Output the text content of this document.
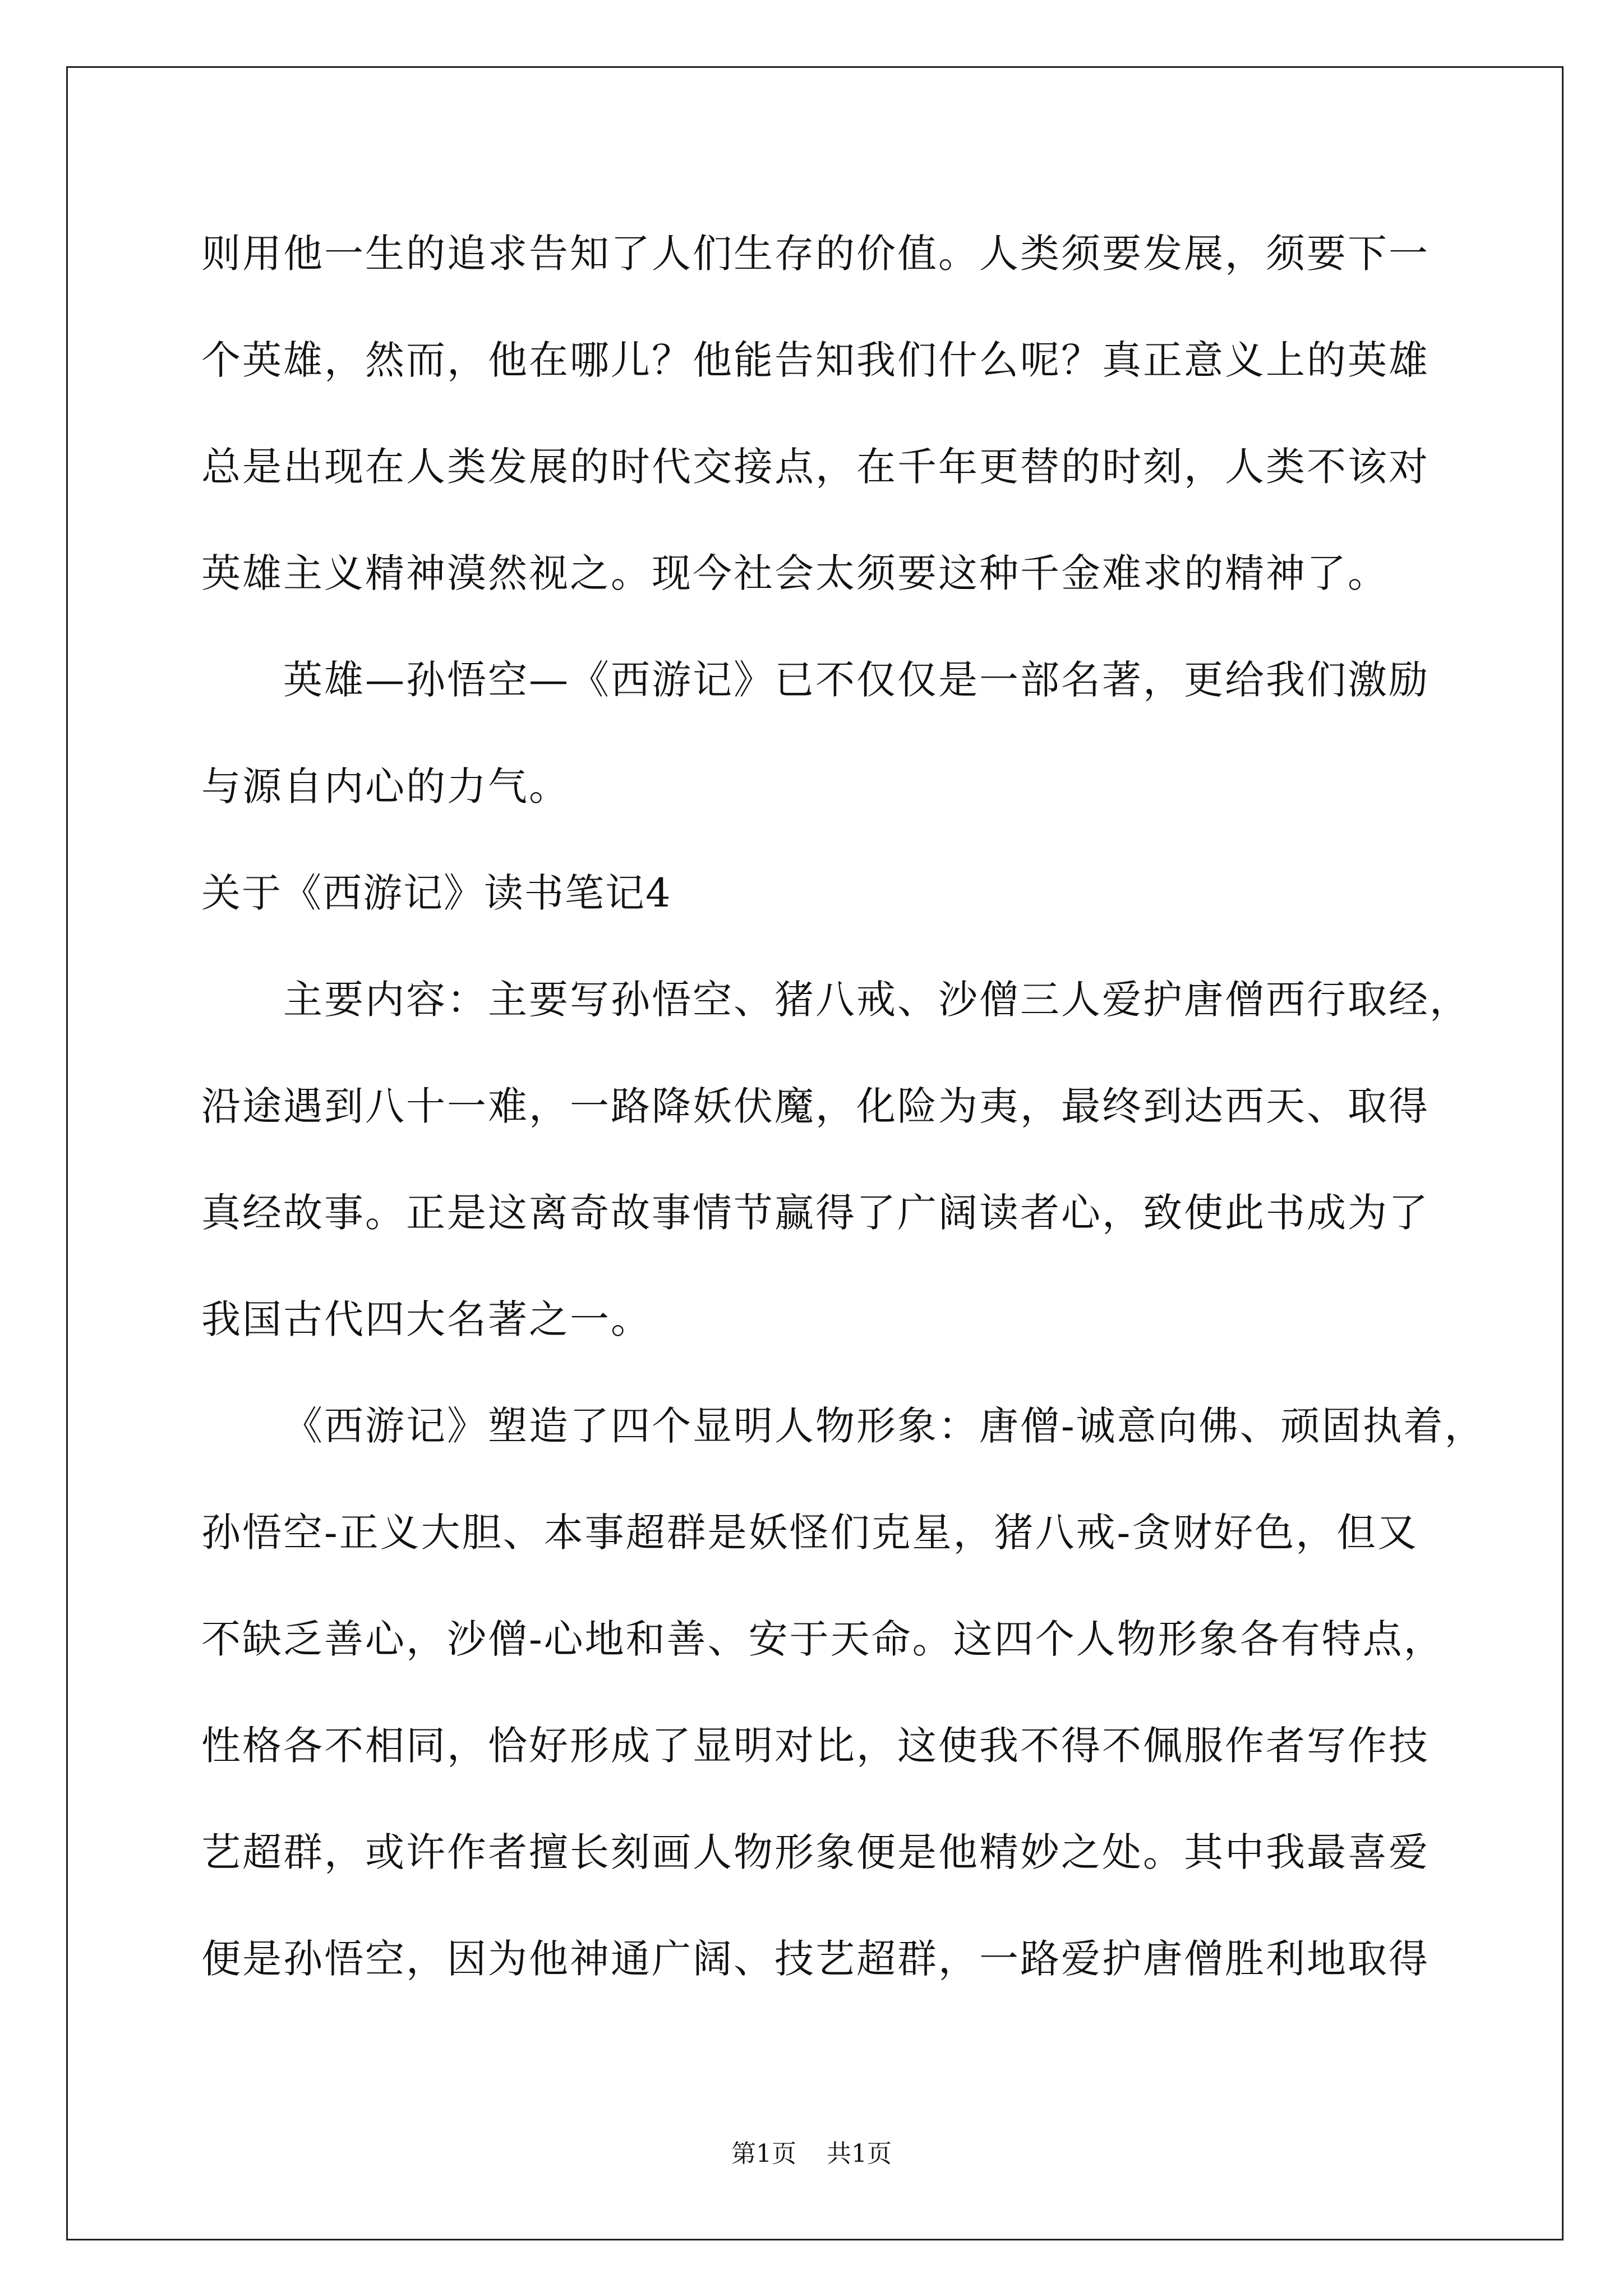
则用他一生的追求告知了人们生存的价值。人类须要发展，须要下一
个英雄，然而，他在哪儿？他能告知我们什么呢？真正意义上的英雄
总是出现在人类发展的时代交接点，在千年更替的时刻，人类不该对
英雄主义精神漠然视之。现今社会太须要这种千金难求的精神了。
英雄—孙悟空—《西游记》已不仅仅是一部名著，更给我们激励
与源自内心的力气。
关于《西游记》读书笔记4
主要内容：主要写孙悟空、猪八戒、沙僧三人爱护唐僧西行取经，
沿途遇到八十一难，一路降妖伏魔，化险为夷，最终到达西天、取得
真经故事。正是这离奇故事情节赢得了广阔读者心，致使此书成为了
我国古代四大名著之一。
《西游记》塑造了四个显明人物形象：唐僧-诚意向佛、顽固执着，
孙悟空-正义大胆、本事超群是妖怪们克星，猪八戒-贪财好色，但又
不缺乏善心，沙僧-心地和善、安于天命。这四个人物形象各有特点，
性格各不相同，恰好形成了显明对比，这使我不得不佩服作者写作技
艺超群，或许作者擅长刻画人物形象便是他精妙之处。其中我最喜爱
便是孙悟空，因为他神通广阔、技艺超群，一路爱护唐僧胜利地取得
第1页 共1页
